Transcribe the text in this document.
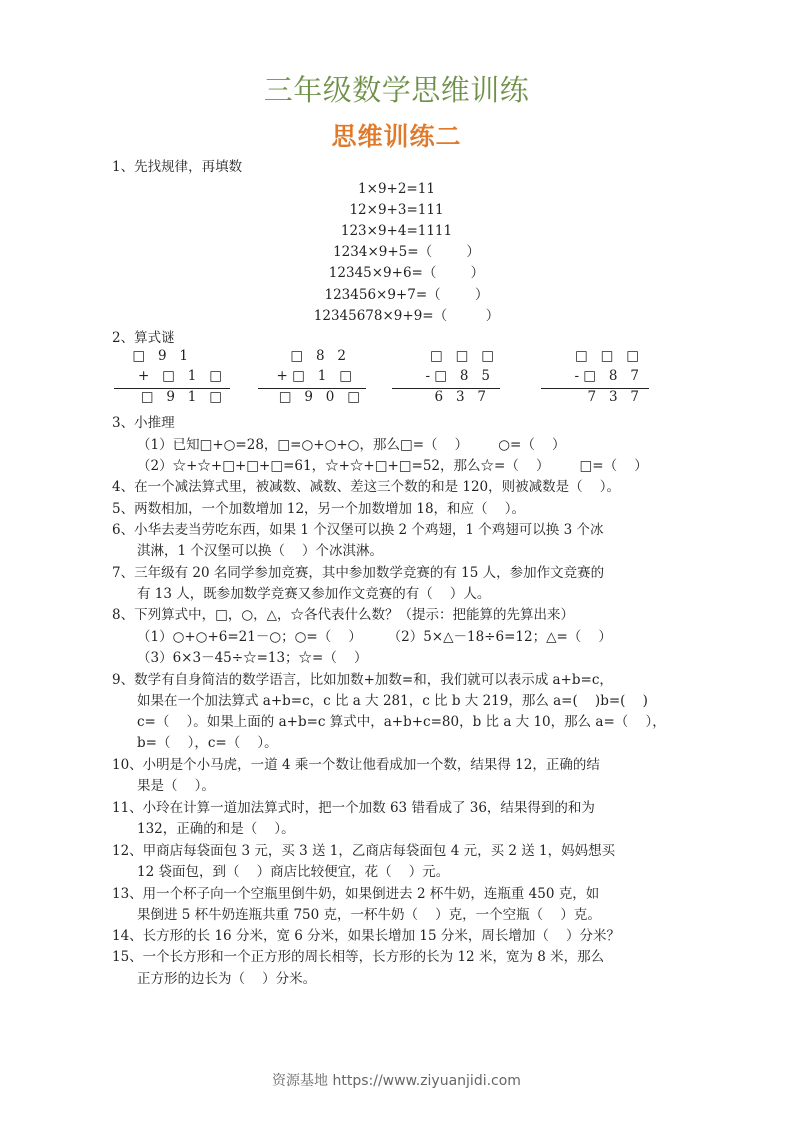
三年级数学思维训练
思维训练二
1、先找规律，再填数
1×9+2=11
12×9+3=111
123×9+4=1111
1234×9+5=（        ）
12345×9+6=（        ）
123456×9+7=（        ）
12345678×9+9=（         ）
2、算式谜
□   9   1
+   □   1   □
□   9   1   □
□   8   2
+ □   1   □
□   9   0   □
□   □   □
- □   8   5
6   3   7
□   □   □
- □   8   7
7   3   7
3、小推理
（1）已知□+○=28，□=○+○+○，那么□=（    ）       ○=（    ）
（2）☆+☆+□+□+□=61，☆+☆+□+□=52，那么☆=（    ）       □=（    ）
4、在一个减法算式里，被减数、减数、差这三个数的和是 120，则被减数是（    ）。
5、两数相加，一个加数增加 12，另一个加数增加 18，和应（    ）。
6、小华去麦当劳吃东西，如果 1 个汉堡可以换 2 个鸡翅，1 个鸡翅可以换 3 个冰
淇淋，1 个汉堡可以换（    ）个冰淇淋。
7、三年级有 20 名同学参加竞赛，其中参加数学竞赛的有 15 人，参加作文竞赛的
有 13 人，既参加数学竞赛又参加作文竞赛的有（    ）人。
8、下列算式中，□，○，△，☆各代表什么数？（提示：把能算的先算出来）
（1）○+○+6=21－○；○=（    ）      （2）5×△－18÷6=12；△=（    ）
（3）6×3－45÷☆=13；☆=（    ）
9、数学有自身简洁的数学语言，比如加数+加数=和，我们就可以表示成 a+b=c，
如果在一个加法算式 a+b=c，c 比 a 大 281，c 比 b 大 219，那么 a=(    )b=(    )
c=（    ）。如果上面的 a+b=c 算式中，a+b+c=80，b 比 a 大 10，那么 a=（    ），
b=（    ），c=（    ）。
10、小明是个小马虎，一道 4 乘一个数让他看成加一个数，结果得 12，正确的结
果是（    ）。
11、小玲在计算一道加法算式时，把一个加数 63 错看成了 36，结果得到的和为
132，正确的和是（    ）。
12、甲商店每袋面包 3 元，买 3 送 1，乙商店每袋面包 4 元，买 2 送 1，妈妈想买
12 袋面包，到（    ）商店比较便宜，花（    ）元。
13、用一个杯子向一个空瓶里倒牛奶，如果倒进去 2 杯牛奶，连瓶重 450 克，如
果倒进 5 杯牛奶连瓶共重 750 克，一杯牛奶（    ）克，一个空瓶（    ）克。
14、长方形的长 16 分米，宽 6 分米，如果长增加 15 分米，周长增加（    ）分米？
15、一个长方形和一个正方形的周长相等，长方形的长为 12 米，宽为 8 米，那么
正方形的边长为（    ）分米。
资源基地 https://www.ziyuanjidi.com
